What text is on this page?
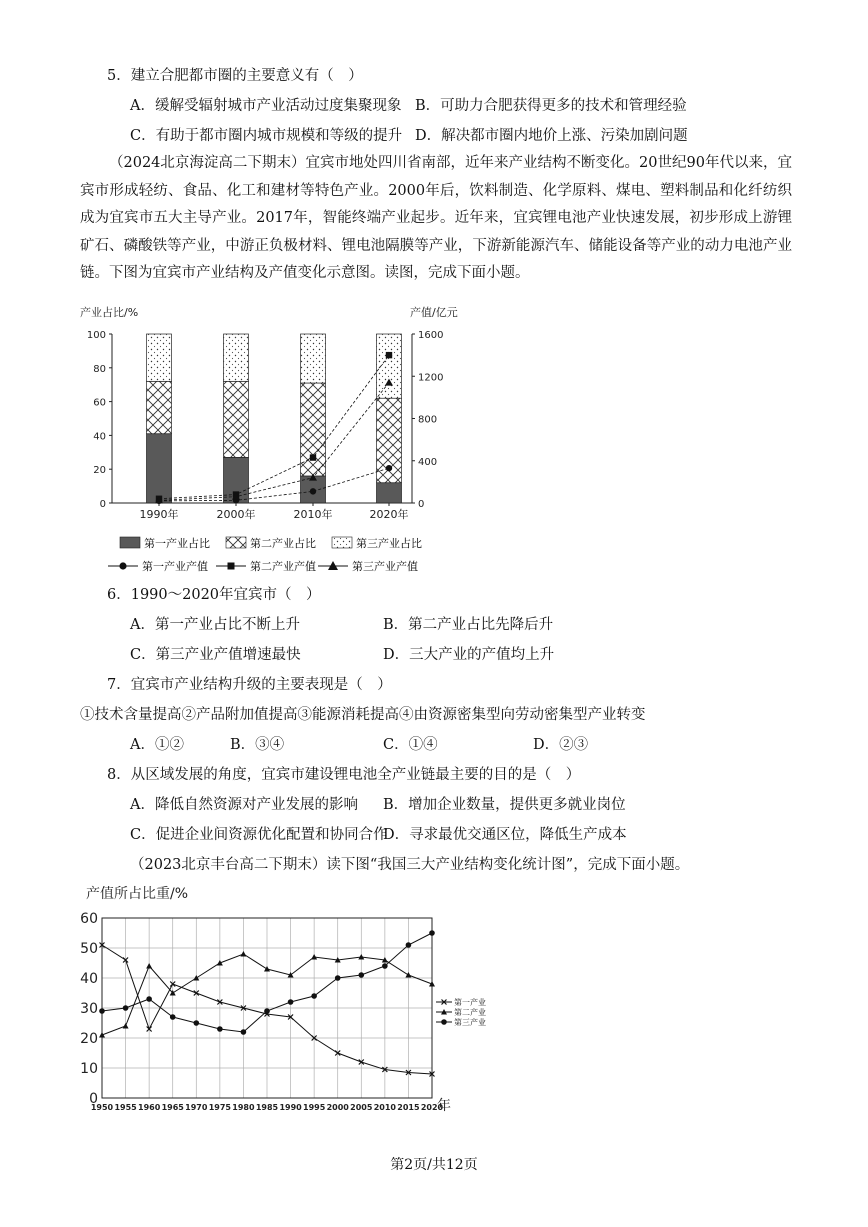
5．建立合肥都市圈的主要意义有（　）
A．缓解受辐射城市产业活动过度集聚现象 B．可助力合肥获得更多的技术和管理经验
C．有助于都市圈内城市规模和等级的提升 D．解决都市圈内地价上涨、污染加剧问题
（2024北京海淀高二下期末）宜宾市地处四川省南部，近年来产业结构不断变化。20世纪90年代以来，宜宾市形成轻纺、食品、化工和建材等特色产业。2000年后，饮料制造、化学原料、煤电、塑料制品和化纤纺织成为宜宾市五大主导产业。2017年，智能终端产业起步。近年来，宜宾锂电池产业快速发展，初步形成上游锂矿石、磷酸铁等产业，中游正负极材料、锂电池隔膜等产业，下游新能源汽车、储能设备等产业的动力电池产业链。下图为宜宾市产业结构及产值变化示意图。读图，完成下面小题。
产业占比/%	产值/亿元
0
20
40
60
80
100
0
400
800
1200
1600
1990年	2000年	2010年	2020年
第一产业占比	第二产业占比	第三产业占比
第一产业产值	第二产业产值	第三产业产值
6．1990～2020年宜宾市（　）
A．第一产业占比不断上升	B．第二产业占比先降后升
C．第三产业产值增速最快	D．三大产业的产值均上升
7．宜宾市产业结构升级的主要表现是（　）
①技术含量提高②产品附加值提高③能源消耗提高④由资源密集型向劳动密集型产业转变
A．①②	B．③④	C．①④	D．②③
8．从区域发展的角度，宜宾市建设锂电池全产业链最主要的目的是（　）
A．降低自然资源对产业发展的影响 B．增加企业数量，提供更多就业岗位
C．促进企业间资源优化配置和协同合作
D．寻求最优交通区位，降低生产成本
（2023北京丰台高二下期末）读下图“我国三大产业结构变化统计图”，完成下面小题。
产值所占比重/%
0
10
20
30
40
50
60
1950 1955 1960 1965 1970 1975 1980 1985 1990 1995 2000 2005 2010 2015 2020
年
第一产业
第二产业
第三产业
第2页/共12页
